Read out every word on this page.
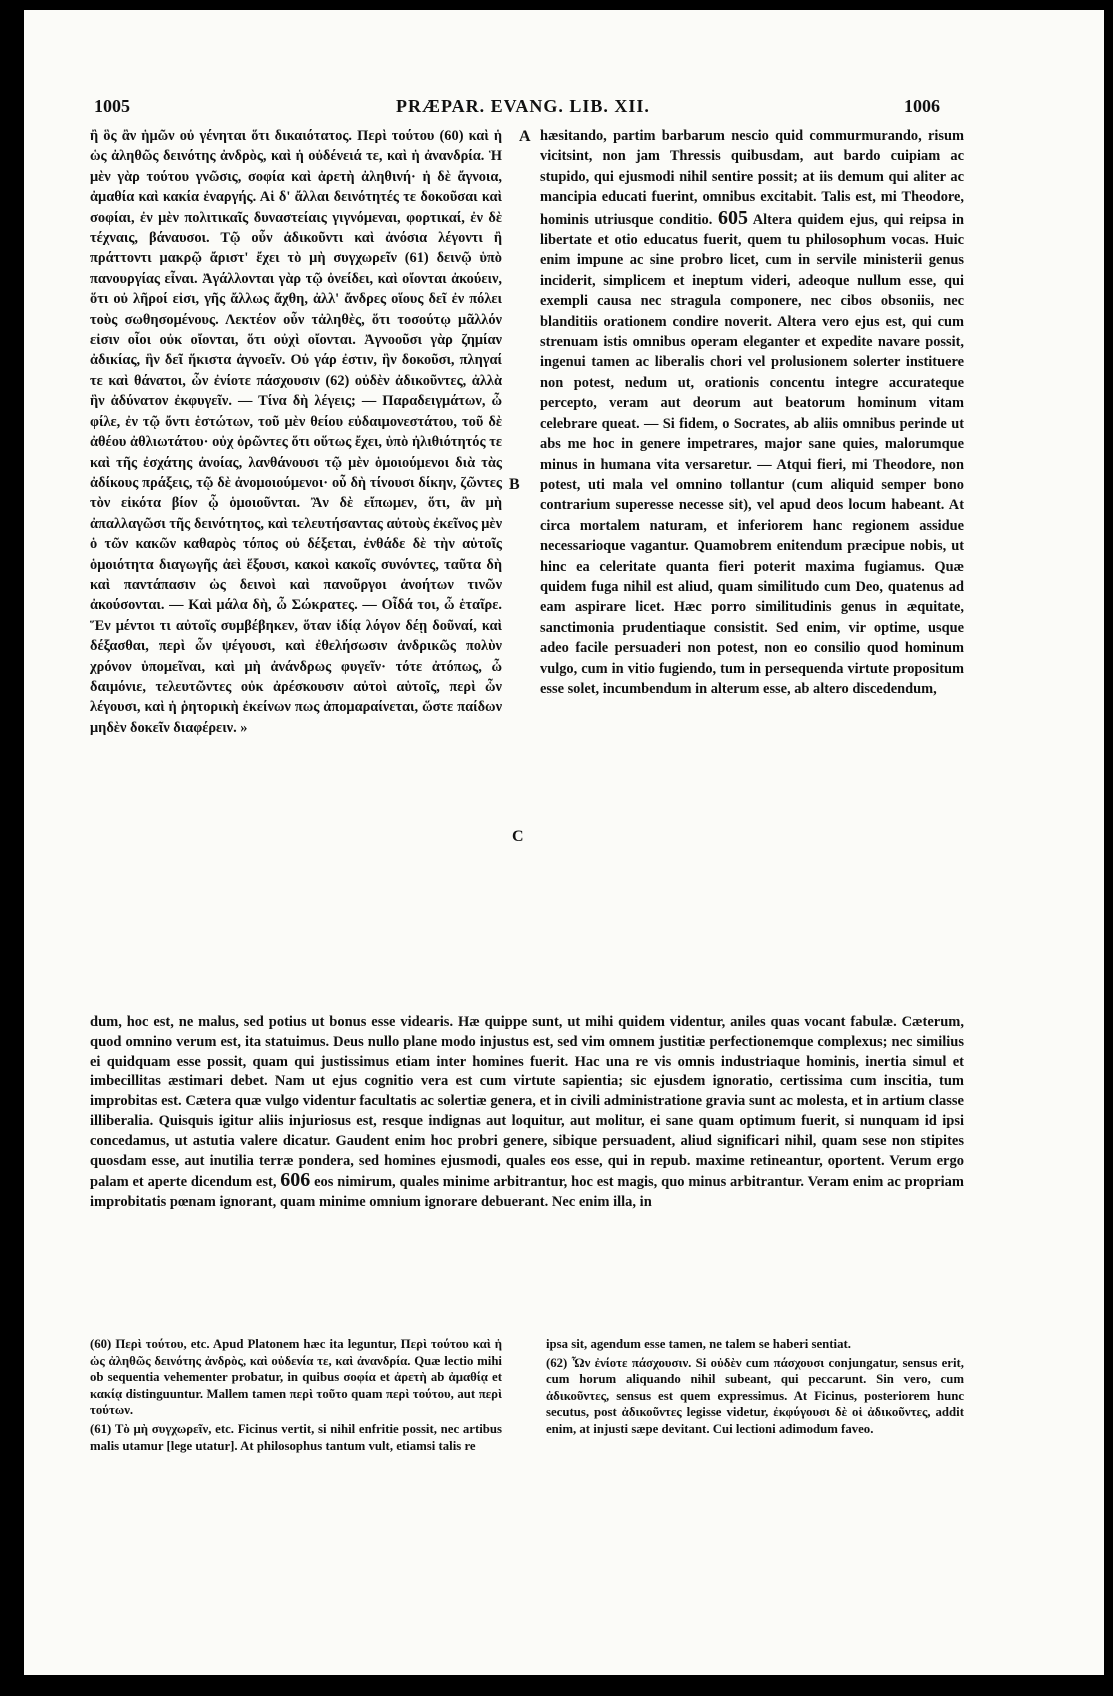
1005	PRÆPAR. EVANG. LIB. XII.	1006
A
B
C

ἢ ὃς ἂν ἡμῶν οὐ γένηται ὅτι δικαιότατος. Περὶ τούτου (60) καὶ ἡ ὡς ἀληθῶς δεινότης ἀνδρὸς, καὶ ἡ οὐδένειά τε, καὶ ἡ ἀνανδρία. Ἡ μὲν γὰρ τούτου γνῶσις, σοφία καὶ ἀρετὴ ἀληθινή· ἡ δὲ ἄγνοια, ἀμαθία καὶ κακία ἐναργής. Αἱ δ' ἄλλαι δεινότητές τε δοκοῦσαι καὶ σοφίαι, ἐν μὲν πολιτικαῖς δυναστείαις γιγνόμεναι, φορτικαί, ἐν δὲ τέχναις, βάναυσοι. Τῷ οὖν ἀδικοῦντι καὶ ἀνόσια λέγοντι ἢ πράττοντι μακρῷ ἄριστ' ἔχει τὸ μὴ συγχωρεῖν (61) δεινῷ ὑπὸ πανουργίας εἶναι. Ἀγάλλονται γὰρ τῷ ὀνείδει, καὶ οἴονται ἀκούειν, ὅτι οὐ λῆροί εἰσι, γῆς ἄλλως ἄχθη, ἀλλ' ἄνδρες οἵους δεῖ ἐν πόλει τοὺς σωθησομένους. Λεκτέον οὖν τἀληθὲς, ὅτι τοσούτῳ μᾶλλόν εἰσιν οἷοι οὐκ οἴονται, ὅτι οὐχὶ οἴονται. Ἀγνοοῦσι γὰρ ζημίαν ἀδικίας, ἣν δεῖ ἥκιστα ἀγνοεῖν. Οὐ γάρ ἐστιν, ἣν δοκοῦσι, πληγαί τε καὶ θάνατοι, ὧν ἐνίοτε πάσχουσιν (62) οὐδὲν ἀδικοῦντες, ἀλλὰ ἣν ἀδύνατον ἐκφυγεῖν. — Τίνα δὴ λέγεις; — Παραδειγμάτων, ὦ φίλε, ἐν τῷ ὄντι ἑστώτων, τοῦ μὲν θείου εὐδαιμονεστάτου, τοῦ δὲ ἀθέου ἀθλιωτάτου· οὐχ ὁρῶντες ὅτι οὕτως ἔχει, ὑπὸ ἠλιθιότητός τε καὶ τῆς ἐσχάτης ἀνοίας, λανθάνουσι τῷ μὲν ὁμοιούμενοι διὰ τὰς ἀδίκους πράξεις, τῷ δὲ ἀνομοιούμενοι· οὗ δὴ τίνουσι δίκην, ζῶντες τὸν εἰκότα βίον ᾧ ὁμοιοῦνται. Ἂν δὲ εἴπωμεν, ὅτι, ἂν μὴ ἀπαλλαγῶσι τῆς δεινότητος, καὶ τελευτήσαντας αὐτοὺς ἐκεῖνος μὲν ὁ τῶν κακῶν καθαρὸς τόπος οὐ δέξεται, ἐνθάδε δὲ τὴν αὑτοῖς ὁμοιότητα διαγωγῆς ἀεὶ ἕξουσι, κακοὶ κακοῖς συνόντες, ταῦτα δὴ καὶ παντάπασιν ὡς δεινοὶ καὶ πανοῦργοι ἀνοήτων τινῶν ἀκούσονται. — Καὶ μάλα δὴ, ὦ Σώκρατες. — Οἶδά τοι, ὦ ἑταῖρε. Ἕν μέντοι τι αὐτοῖς συμβέβηκεν, ὅταν ἰδίᾳ λόγον δέῃ δοῦναί, καὶ δέξασθαι, περὶ ὧν ψέγουσι, καὶ ἐθελήσωσιν ἀνδρικῶς πολὺν χρόνον ὑπομεῖναι, καὶ μὴ ἀνάνδρως φυγεῖν· τότε ἀτόπως, ὦ δαιμόνιε, τελευτῶντες οὐκ ἀρέσκουσιν αὐτοὶ αὑτοῖς, περὶ ὧν λέγουσι, καὶ ἡ ῥητορικὴ ἐκείνων πως ἀπομαραίνεται, ὥστε παίδων μηδὲν δοκεῖν διαφέρειν. »

hæsitando, partim barbarum nescio quid commurmurando, risum vicitsint, non jam Thressis quibusdam, aut bardo cuipiam ac stupido, qui ejusmodi nihil sentire possit; at iis demum qui aliter ac mancipia educati fuerint, omnibus excitabit. Talis est, mi Theodore, hominis utriusque conditio. 605 Altera quidem ejus, qui reipsa in libertate et otio educatus fuerit, quem tu philosophum vocas. Huic enim impune ac sine probro licet, cum in servile ministerii genus inciderit, simplicem et ineptum videri, adeoque nullum esse, qui exempli causa nec stragula componere, nec cibos obsoniis, nec blanditiis orationem condire noverit. Altera vero ejus est, qui cum strenuam istis omnibus operam eleganter et expedite navare possit, ingenui tamen ac liberalis chori vel prolusionem solerter instituere non potest, nedum ut, orationis concentu integre accurateque percepto, veram aut deorum aut beatorum hominum vitam celebrare queat. — Si fidem, o Socrates, ab aliis omnibus perinde ut abs me hoc in genere impetrares, major sane quies, malorumque minus in humana vita versaretur. — Atqui fieri, mi Theodore, non potest, uti mala vel omnino tollantur (cum aliquid semper bono contrarium superesse necesse sit), vel apud deos locum habeant. At circa mortalem naturam, et inferiorem hanc regionem assidue necessarioque vagantur. Quamobrem enitendum præcipue nobis, ut hinc ea celeritate quanta fieri poterit maxima fugiamus. Quæ quidem fuga nihil est aliud, quam similitudo cum Deo, quatenus ad eam aspirare licet. Hæc porro similitudinis genus in æquitate, sanctimonia prudentiaque consistit. Sed enim, vir optime, usque adeo facile persuaderi non potest, non eo consilio quod hominum vulgo, cum in vitio fugiendo, tum in persequenda virtute propositum esse solet, incumbendum in alterum esse, ab altero discedendum,

dum, hoc est, ne malus, sed potius ut bonus esse videaris. Hæ quippe sunt, ut mihi quidem videntur, aniles quas vocant fabulæ. Cæterum, quod omnino verum est, ita statuimus. Deus nullo plane modo injustus est, sed vim omnem justitiæ perfectionemque complexus; nec similius ei quidquam esse possit, quam qui justissimus etiam inter homines fuerit. Hac una re vis omnis industriaque hominis, inertia simul et imbecillitas æstimari debet. Nam ut ejus cognitio vera est cum virtute sapientia; sic ejusdem ignoratio, certissima cum inscitia, tum improbitas est. Cætera quæ vulgo videntur facultatis ac solertiæ genera, et in civili administratione gravia sunt ac molesta, et in artium classe illiberalia. Quisquis igitur aliis injuriosus est, resque indignas aut loquitur, aut molitur, ei sane quam optimum fuerit, si nunquam id ipsi concedamus, ut astutia valere dicatur. Gaudent enim hoc probri genere, sibique persuadent, aliud significari nihil, quam sese non stipites quosdam esse, aut inutilia terræ pondera, sed homines ejusmodi, quales eos esse, qui in repub. maxime retineantur, oportent. Verum ergo palam et aperte dicendum est, 606 eos nimirum, quales minime arbitrantur, hoc est magis, quo minus arbitrantur. Veram enim ac propriam improbitatis pœnam ignorant, quam minime omnium ignorare debuerant. Nec enim illa, in

(60) Περὶ τούτου, etc. Apud Platonem hæc ita leguntur, Περὶ τούτου καὶ ἡ ὡς ἀληθῶς δεινότης ἀνδρὸς, καὶ οὐδενία τε, καὶ ἀνανδρία. Quæ lectio mihi ob sequentia vehementer probatur, in quibus σοφία et ἀρετὴ ab ἀμαθίᾳ et κακίᾳ distinguuntur. Mallem tamen περὶ τοῦτο quam περὶ τούτου, aut περὶ τούτων.

(61) Τὸ μὴ συγχωρεῖν, etc. Ficinus vertit, si nihil enfritie possit, nec artibus malis utamur [lege utatur]. At philosophus tantum vult, etiamsi talis re

ipsa sit, agendum esse tamen, ne talem se haberi sentiat.

(62) Ὧν ἐνίοτε πάσχουσιν. Si οὐδὲν cum πάσχουσι conjungatur, sensus erit, cum horum aliquando nihil subeant, qui peccarunt. Sin vero, cum ἀδικοῦντες, sensus est quem expressimus. At Ficinus, posteriorem hunc secutus, post ἀδικοῦντες legisse videtur, ἐκφύγουσι δὲ οἱ ἀδικοῦντες, addit enim, at injusti sæpe devitant. Cui lectioni adimodum faveo.
